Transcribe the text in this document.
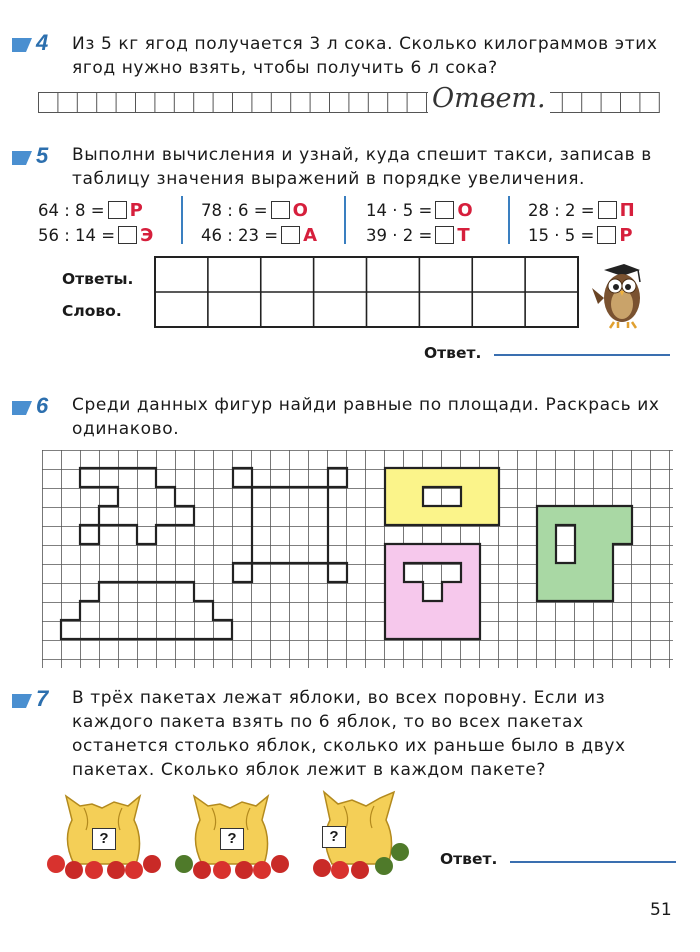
4 Из 5 кг ягод получается 3 л сока. Сколько килограммов этих ягод нужно взять, чтобы получить 6 л сока?
Ответ.
5 Выполни вычисления и узнай, куда спешит такси, записав в таблицу значения выражений в порядке увеличения.
64 : 8 = Р
56 : 14 = Э
78 : 6 = О
46 : 23 = А
14 · 5 = О
39 · 2 = Т
28 : 2 = П
15 · 5 = Р
Ответы.
Слово.
Ответ.
6 Среди данных фигур найди равные по площади. Раскрась их одинаково.
7 В трёх пакетах лежат яблоки, во всех поровну. Если из каждого пакета взять по 6 яблок, то во всех пакетах останется столько яблок, сколько их раньше было в двух пакетах. Сколько яблок лежит в каждом пакете?
?	?	?
Ответ.
51
